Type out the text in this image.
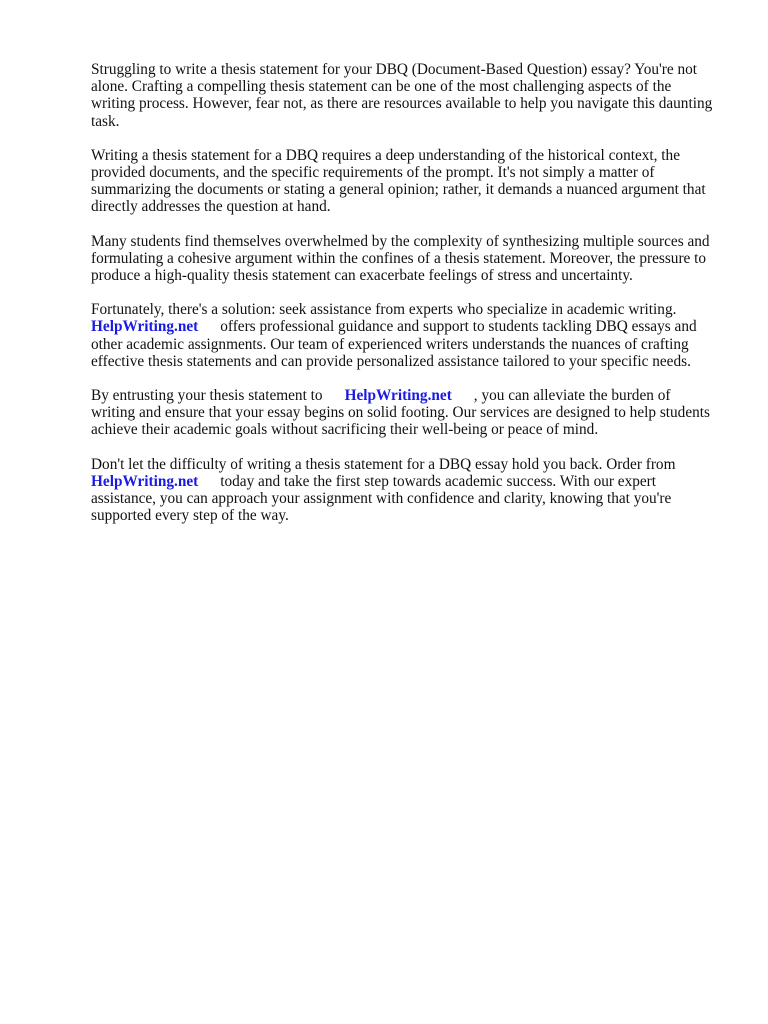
Struggling to write a thesis statement for your DBQ (Document-Based Question) essay? You're not
alone. Crafting a compelling thesis statement can be one of the most challenging aspects of the
writing process. However, fear not, as there are resources available to help you navigate this daunting
task.

Writing a thesis statement for a DBQ requires a deep understanding of the historical context, the
provided documents, and the specific requirements of the prompt. It's not simply a matter of
summarizing the documents or stating a general opinion; rather, it demands a nuanced argument that
directly addresses the question at hand.

Many students find themselves overwhelmed by the complexity of synthesizing multiple sources and
formulating a cohesive argument within the confines of a thesis statement. Moreover, the pressure to
produce a high-quality thesis statement can exacerbate feelings of stress and uncertainty.

Fortunately, there's a solution: seek assistance from experts who specialize in academic writing.
HelpWriting.net offers professional guidance and support to students tackling DBQ essays and
other academic assignments. Our team of experienced writers understands the nuances of crafting
effective thesis statements and can provide personalized assistance tailored to your specific needs.

By entrusting your thesis statement to HelpWriting.net , you can alleviate the burden of
writing and ensure that your essay begins on solid footing. Our services are designed to help students
achieve their academic goals without sacrificing their well-being or peace of mind.

Don't let the difficulty of writing a thesis statement for a DBQ essay hold you back. Order from
HelpWriting.net today and take the first step towards academic success. With our expert
assistance, you can approach your assignment with confidence and clarity, knowing that you're
supported every step of the way.
